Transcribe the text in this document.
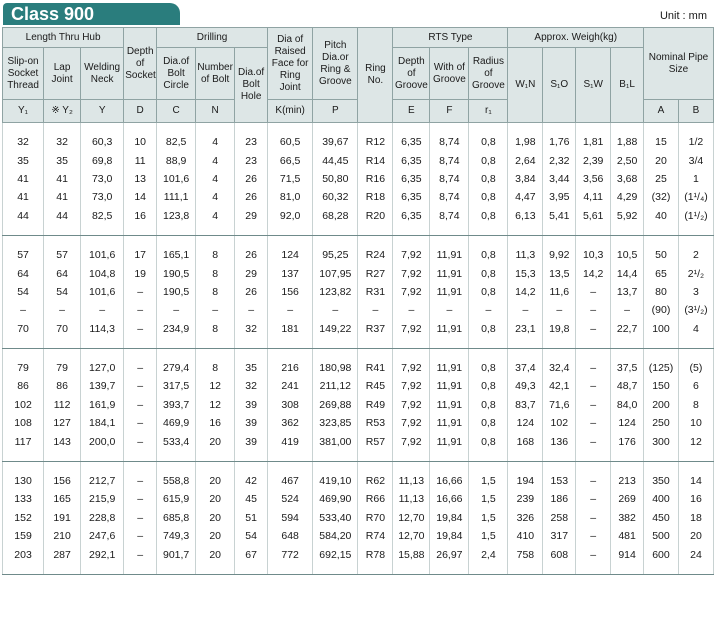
Class 900	Unit : mm
Length Thru Hub			Depth of Socket	Drilling			Dia of Raised Face for Ring Joint	Pitch Dia.or Ring & Groove	Ring No.	RTS Type			Approx. Weigh(kg)				Nominal Pipe Size	
Slip-on Socket Thread	Lap Joint	Welding Neck		Dia.of Bolt Circle	Number of Bolt	Dia.of Bolt Hole				Depth of Groove	With of Groove	Radius of Groove	W₁N	S₁O	S₁W	B₁L		
Y₁	※ Y₂	Y	D	C	N		K(min)	P		E	F	r₁					A	B

32	32	60,3	10	82,5	4	23	60,5	39,67	R12	6,35	8,74	0,8	1,98	1,76	1,81	1,88	15	1/2
35	35	69,8	11	88,9	4	23	66,5	44,45	R14	6,35	8,74	0,8	2,64	2,32	2,39	2,50	20	3/4
41	41	73,0	13	101,6	4	26	71,5	50,80	R16	6,35	8,74	0,8	3,84	3,44	3,56	3,68	25	1
41	41	73,0	14	111,1	4	26	81,0	60,32	R18	6,35	8,74	0,8	4,47	3,95	4,11	4,29	(32)	(1¹/₄)
44	44	82,5	16	123,8	4	29	92,0	68,28	R20	6,35	8,74	0,8	6,13	5,41	5,61	5,92	40	(1¹/₂)

57	57	101,6	17	165,1	8	26	124	95,25	R24	7,92	11,91	0,8	11,3	9,92	10,3	10,5	50	2
64	64	104,8	19	190,5	8	29	137	107,95	R27	7,92	11,91	0,8	15,3	13,5	14,2	14,4	65	2¹/₂
54	54	101,6	–	190,5	8	26	156	123,82	R31	7,92	11,91	0,8	14,2	11,6	–	13,7	80	3
–	–	–	–	–	–	–	–	–	–	–	–	–	–	–	–	–	(90)	(3¹/₂)
70	70	114,3	–	234,9	8	32	181	149,22	R37	7,92	11,91	0,8	23,1	19,8	–	22,7	100	4

79	79	127,0	–	279,4	8	35	216	180,98	R41	7,92	11,91	0,8	37,4	32,4	–	37,5	(125)	(5)
86	86	139,7	–	317,5	12	32	241	211,12	R45	7,92	11,91	0,8	49,3	42,1	–	48,7	150	6
102	112	161,9	–	393,7	12	39	308	269,88	R49	7,92	11,91	0,8	83,7	71,6	–	84,0	200	8
108	127	184,1	–	469,9	16	39	362	323,85	R53	7,92	11,91	0,8	124	102	–	124	250	10
117	143	200,0	–	533,4	20	39	419	381,00	R57	7,92	11,91	0,8	168	136	–	176	300	12

130	156	212,7	–	558,8	20	42	467	419,10	R62	11,13	16,66	1,5	194	153	–	213	350	14
133	165	215,9	–	615,9	20	45	524	469,90	R66	11,13	16,66	1,5	239	186	–	269	400	16
152	191	228,8	–	685,8	20	51	594	533,40	R70	12,70	19,84	1,5	326	258	–	382	450	18
159	210	247,6	–	749,3	20	54	648	584,20	R74	12,70	19,84	1,5	410	317	–	481	500	20
203	287	292,1	–	901,7	20	67	772	692,15	R78	15,88	26,97	2,4	758	608	–	914	600	24
